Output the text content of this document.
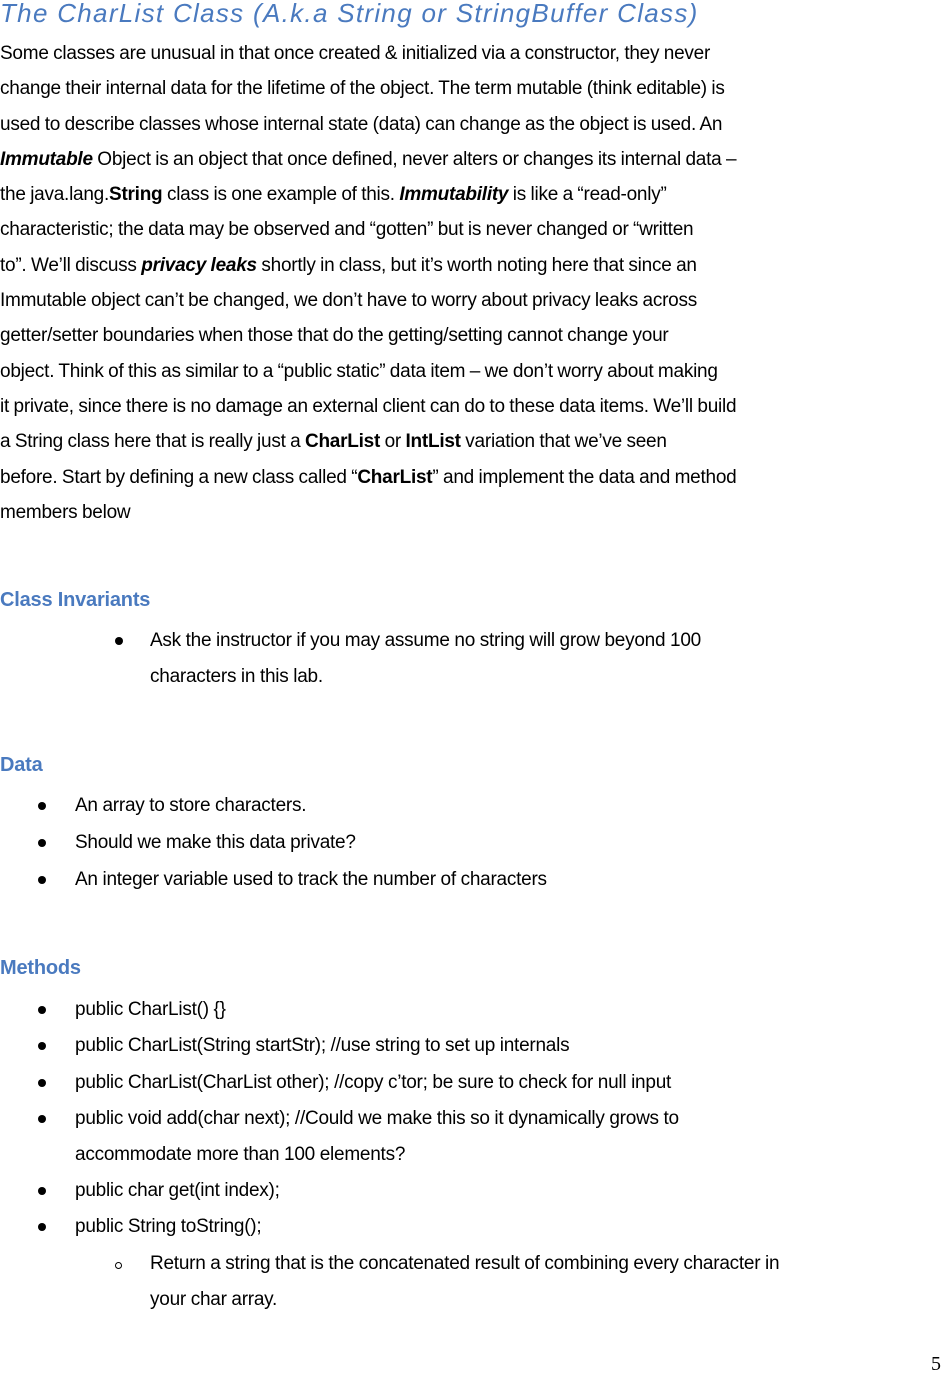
The CharList Class (A.k.a String or StringBuffer Class)
Some classes are unusual in that once created & initialized via a constructor, they never
change their internal data for the lifetime of the object. The term mutable (think editable) is
used to describe classes whose internal state (data) can change as the object is used. An
Immutable Object is an object that once defined, never alters or changes its internal data –
the java.lang.String class is one example of this. Immutability is like a “read-only”
characteristic; the data may be observed and “gotten” but is never changed or “written
to”. We’ll discuss privacy leaks shortly in class, but it’s worth noting here that since an
Immutable object can’t be changed, we don’t have to worry about privacy leaks across
getter/setter boundaries when those that do the getting/setting cannot change your
object. Think of this as similar to a “public static” data item – we don’t worry about making
it private, since there is no damage an external client can do to these data items. We’ll build
a String class here that is really just a CharList or IntList variation that we’ve seen
before. Start by defining a new class called “CharList” and implement the data and method
members below
Class Invariants
Ask the instructor if you may assume no string will grow beyond 100
characters in this lab.
Data
An array to store characters.
Should we make this data private?
An integer variable used to track the number of characters
Methods
public CharList() {}
public CharList(String startStr); //use string to set up internals
public CharList(CharList other); //copy c’tor; be sure to check for null input
public void add(char next); //Could we make this so it dynamically grows to
accommodate more than 100 elements?
public char get(int index);
public String toString();
Return a string that is the concatenated result of combining every character in
your char array.
5
